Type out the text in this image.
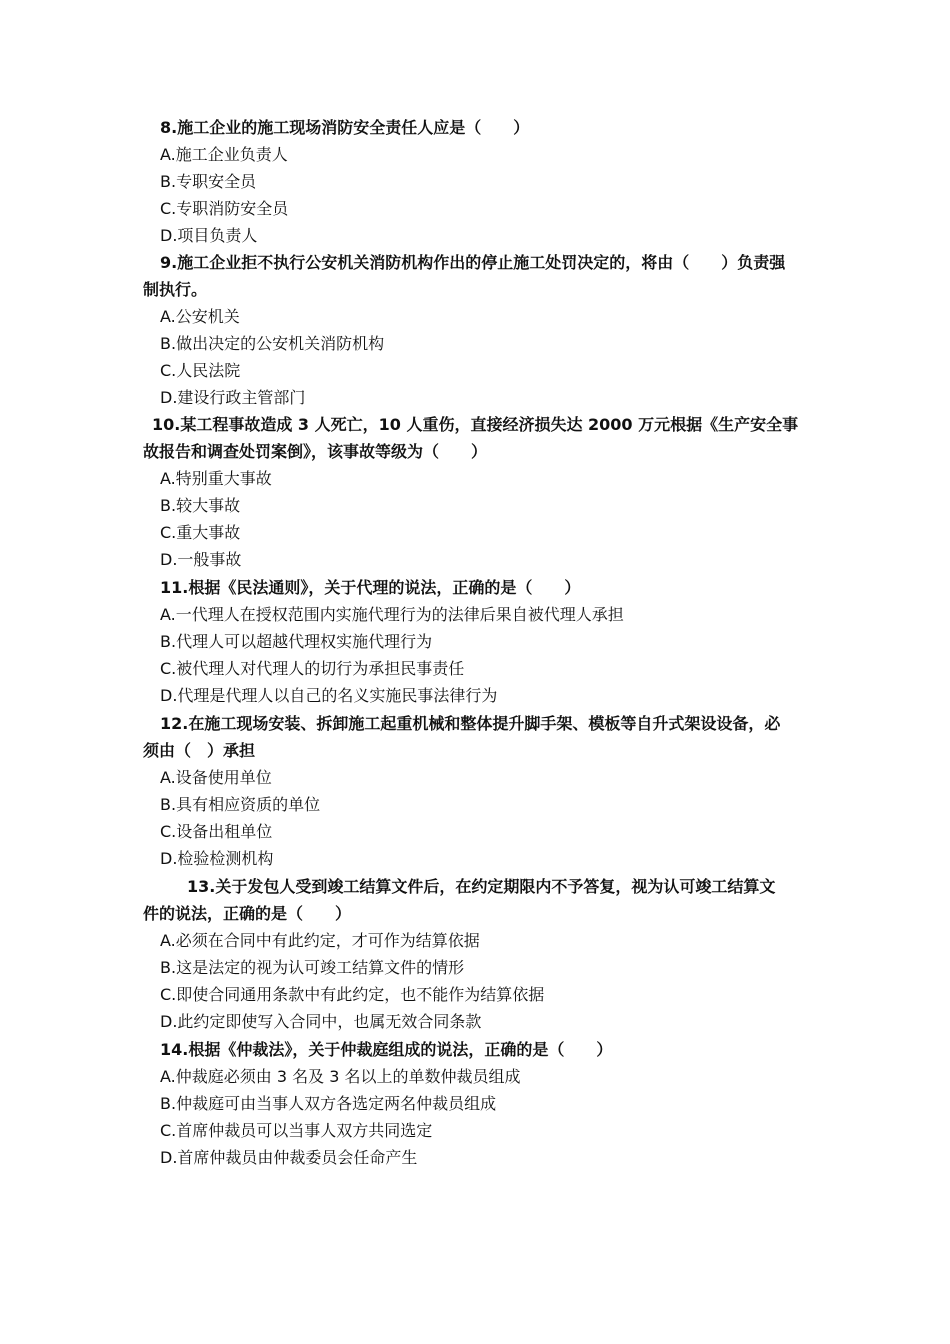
8.施工企业的施工现场消防安全责任人应是（　　）
A.施工企业负责人
B.专职安全员
C.专职消防安全员
D.项目负责人
9.施工企业拒不执行公安机关消防机构作出的停止施工处罚决定的，将由（　　）负责强
制执行。
A.公安机关
B.做出决定的公安机关消防机构
C.人民法院
D.建设行政主管部门
10.某工程事故造成 3 人死亡，10 人重伤，直接经济损失达 2000 万元根据《生产安全事
故报告和调查处罚案倒》，该事故等级为（　　）
A.特别重大事故
B.较大事故
C.重大事故
D.一般事故
11.根据《民法通则》，关于代理的说法，正确的是（　　）
A.一代理人在授权范围内实施代理行为的法律后果自被代理人承担
B.代理人可以超越代理权实施代理行为
C.被代理人对代理人的切行为承担民事责任
D.代理是代理人以自己的名义实施民事法律行为
12.在施工现场安装、拆卸施工起重机械和整体提升脚手架、模板等自升式架设设备，必
须由（　）承担
A.设备使用单位
B.具有相应资质的单位
C.设备出租单位
D.检验检测机构
13.关于发包人受到竣工结算文件后，在约定期限内不予答复，视为认可竣工结算文
件的说法，正确的是（　　）
A.必须在合同中有此约定，才可作为结算依据
B.这是法定的视为认可竣工结算文件的情形
C.即使合同通用条款中有此约定，也不能作为结算依据
D.此约定即使写入合同中，也属无效合同条款
14.根据《仲裁法》，关于仲裁庭组成的说法，正确的是（　　）
A.仲裁庭必须由 3 名及 3 名以上的单数仲裁员组成
B.仲裁庭可由当事人双方各选定两名仲裁员组成
C.首席仲裁员可以当事人双方共同选定
D.首席仲裁员由仲裁委员会任命产生
